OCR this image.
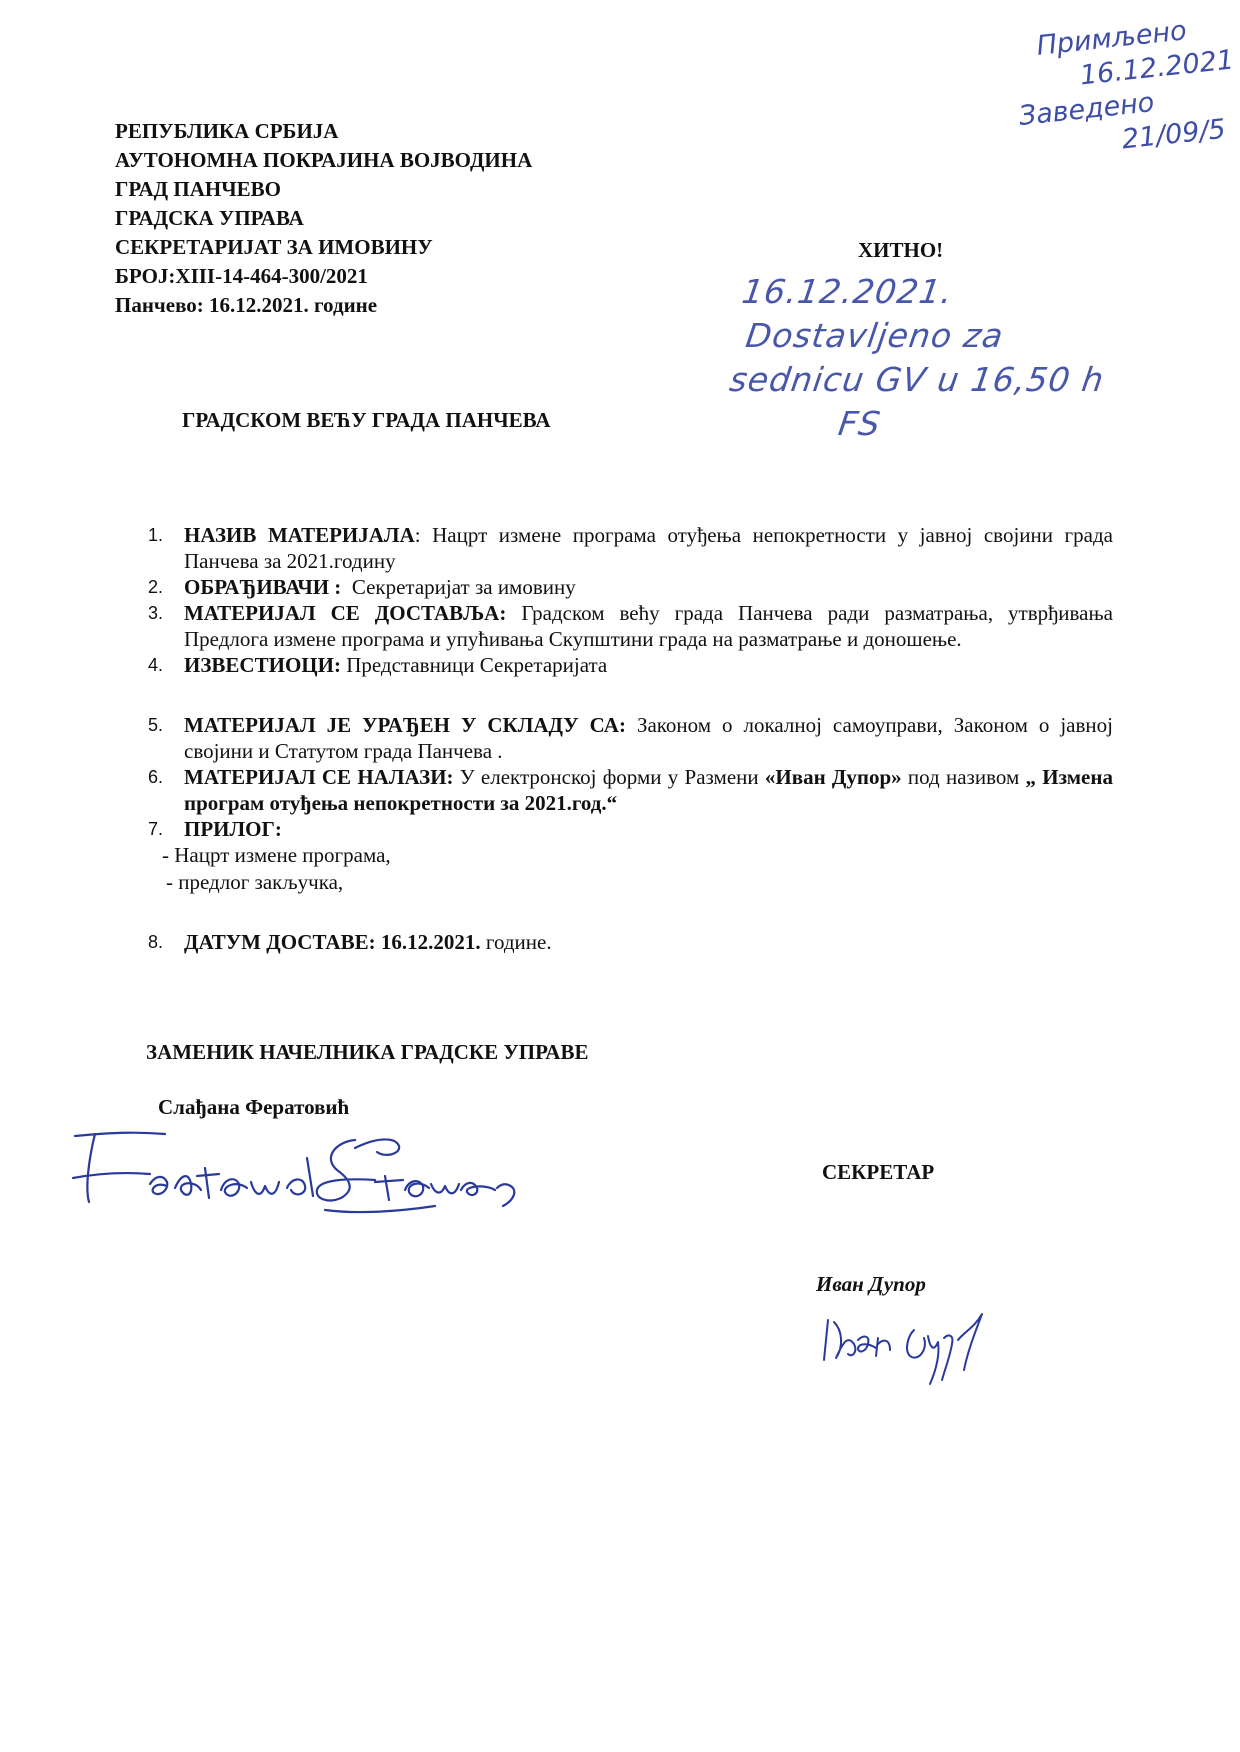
РЕПУБЛИКА СРБИЈА
АУТОНОМНА ПОКРАЈИНА ВОЈВОДИНА
ГРАД ПАНЧЕВО
ГРАДСКА УПРАВА
СЕКРЕТАРИЈАТ ЗА ИМОВИНУ
БРОЈ:XIII-14-464-300/2021
Панчево: 16.12.2021. године
ХИТНО!
Примљено
16.12.2021
Заведено
21/09/5
16.12.2021.
Dostavljeno za
sednicu GV u 16,50 h
FS
ГРАДСКОМ ВЕЋУ ГРАДА ПАНЧЕВА
1. НАЗИВ МАТЕРИЈАЛА: Нацрт измене програма отуђења непокретности у јавној својини града Панчева за 2021.годину
2. ОБРАЂИВАЧИ :  Секретаријат за имовину
3. МАТЕРИЈАЛ СЕ ДОСТАВЉА: Градском већу града Панчева ради разматрања, утврђивања Предлога измене програма и упућивања Скупштини града на разматрање и доношење.
4. ИЗВЕСТИОЦИ: Представници Секретаријата
5. МАТЕРИЈАЛ ЈЕ УРАЂЕН У СКЛАДУ СА: Законом о локалној самоуправи, Законом о јавној својини и Статутом града Панчева .
6. МАТЕРИЈАЛ СЕ НАЛАЗИ: У електронској форми у Размени «Иван Дупор» под називом „ Измена програм отуђења непокретности за 2021.год.“
7. ПРИЛОГ:
- Нацрт измене програма,
- предлог закључка,
8. ДАТУМ ДОСТАВЕ: 16.12.2021. године.
ЗАМЕНИК НАЧЕЛНИКА ГРАДСКЕ УПРАВЕ
Слађана Фератовић
СЕКРЕТАР
Иван Дупор
